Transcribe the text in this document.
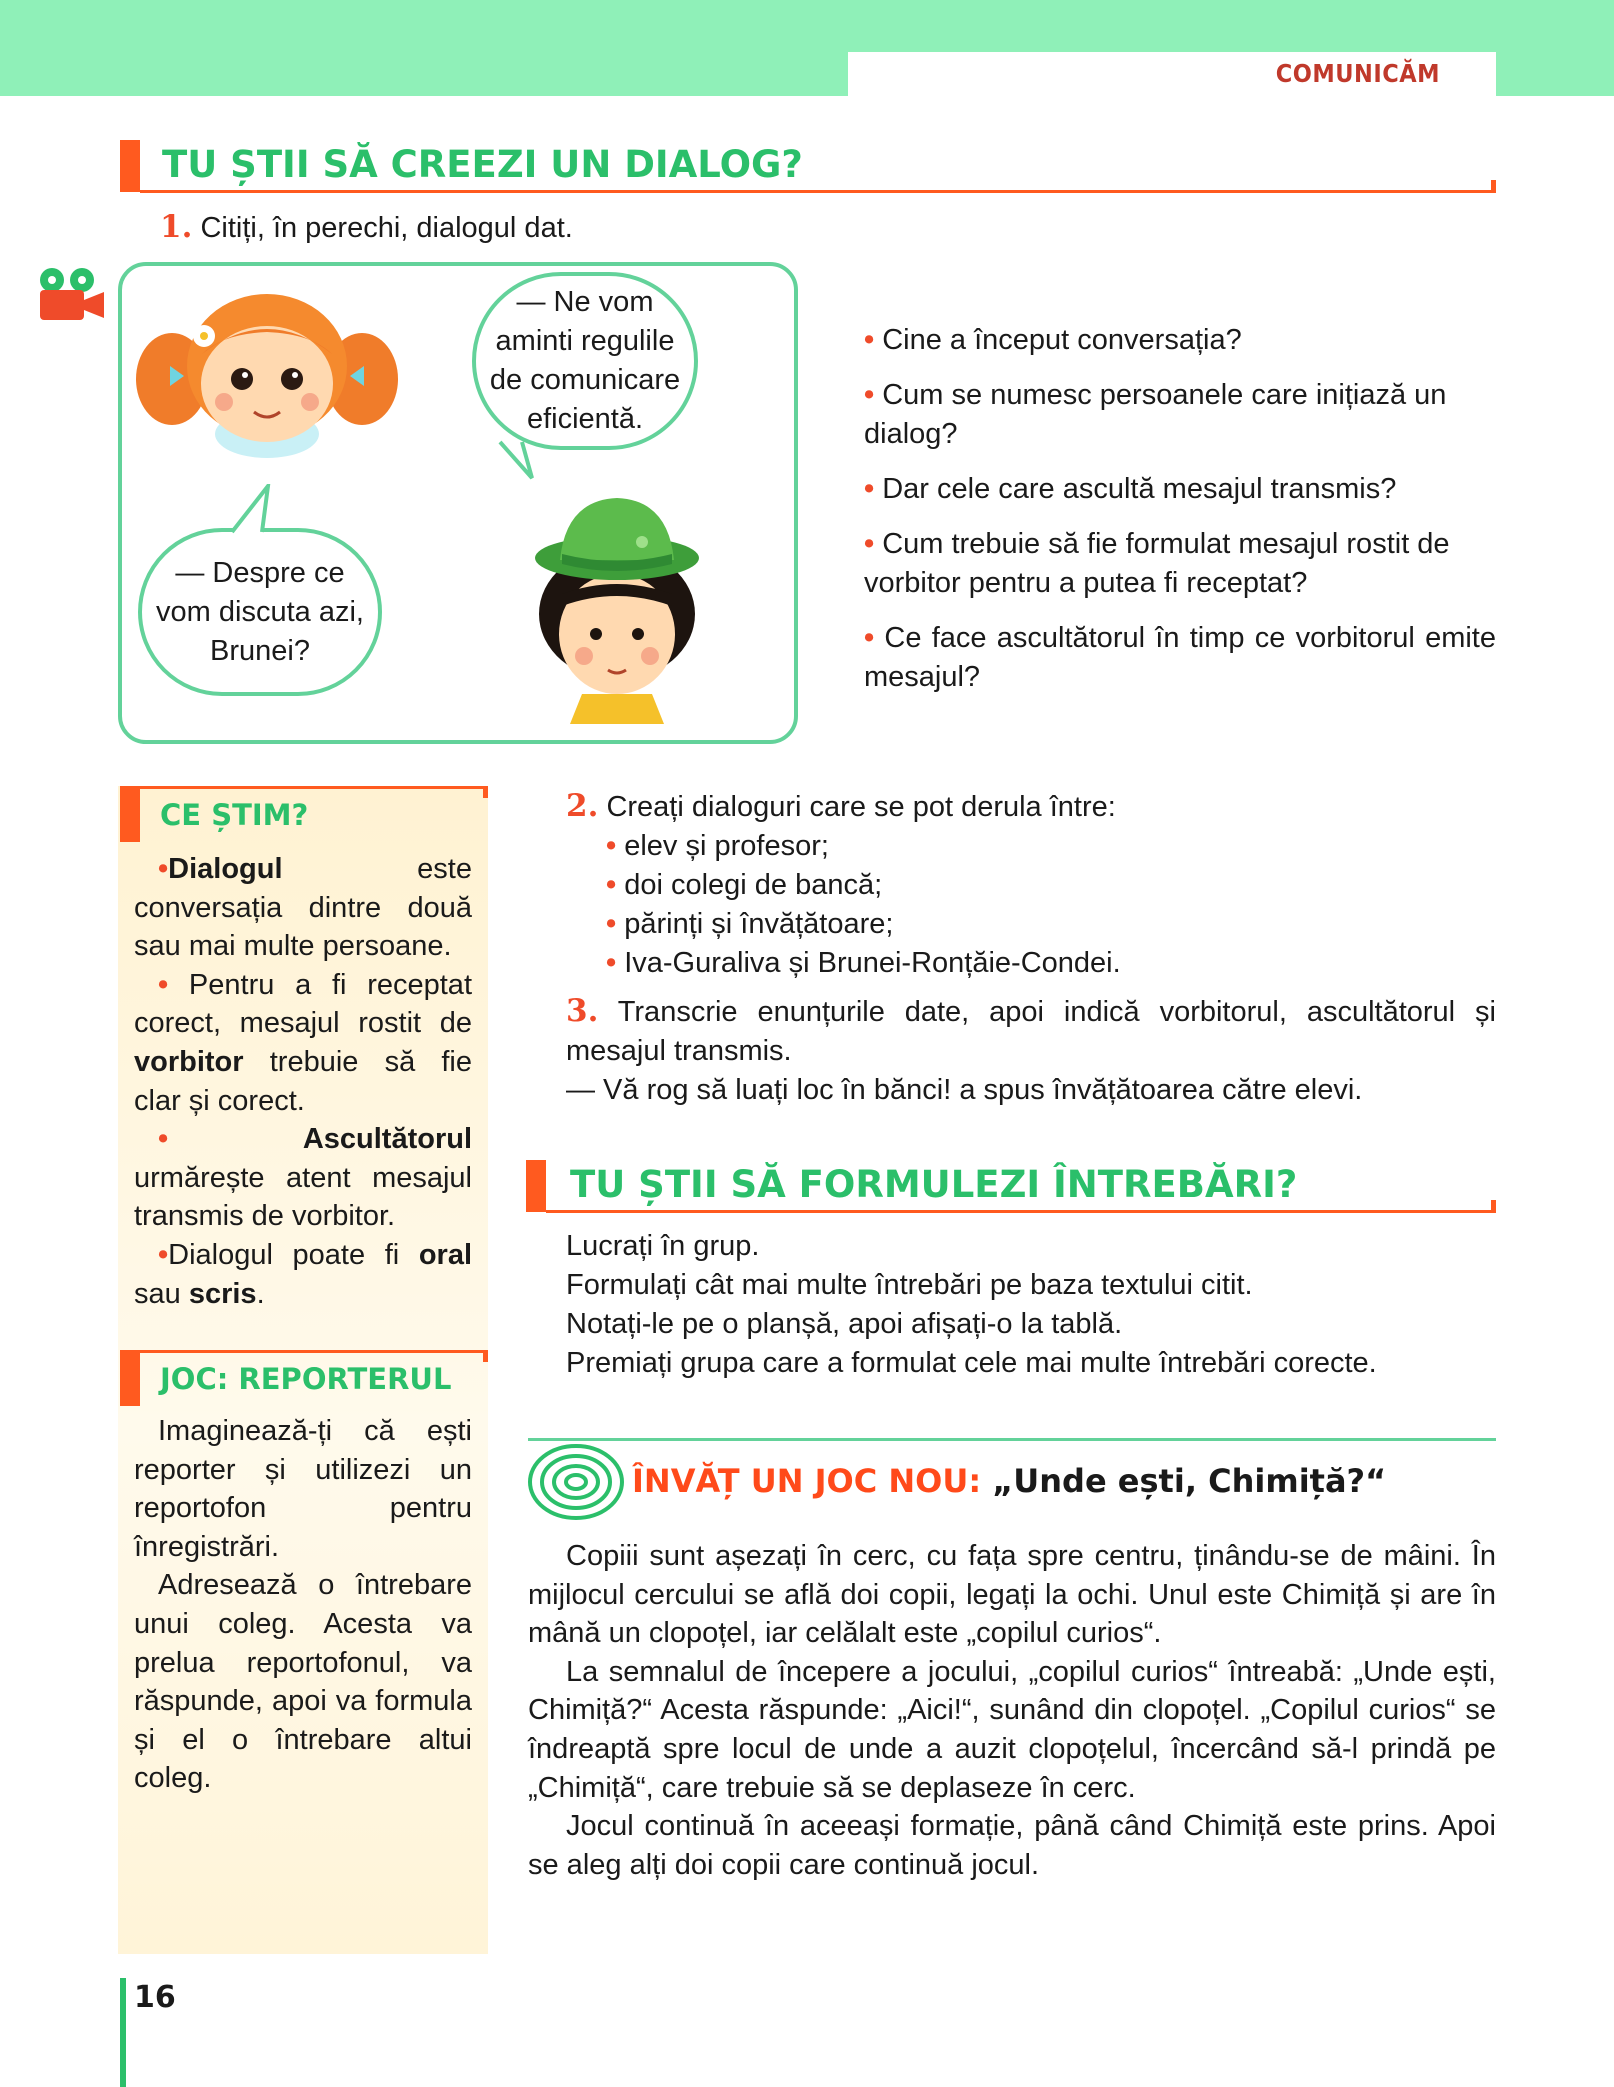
COMUNICĂM
TU ȘTII SĂ CREEZI UN DIALOG?
1. Citiți, în perechi, dialogul dat.
— Ne vom
aminti regulile
de comunicare
eficientă.
— Despre ce
vom discuta azi,
Brunei?

• Cine a început conversația?

• Cum se numesc persoanele care inițiază un dialog?

• Dar cele care ascultă mesajul transmis?

• Cum trebuie să fie formulat mesajul rostit de vorbitor pentru a putea fi receptat?

• Ce face ascultătorul în timp ce vorbitorul emite mesajul?

CE ȘTIM?

•Dialogul este conversația dintre două sau mai multe persoane.

• Pentru a fi receptat corect, mesajul rostit de vorbitor trebuie să fie clar și corect.

•	Ascultătorul urmărește atent mesajul transmis de vorbitor.

•Dialogul poate fi oral sau scris.

JOC: REPORTERUL

Imaginează-ți că ești reporter și utilizezi un reportofon pentru înregistrări.

Adresează o întrebare unui coleg. Acesta va prelua reportofonul, va răspunde, apoi va formula și el o întrebare altui coleg.

2. Creați dialoguri care se pot derula între:
• elev și profesor;
• doi colegi de bancă;
• părinți și învățătoare;
• Iva-Guraliva și Brunei-Ronțăie-Condei.
3. Transcrie enunțurile date, apoi indică vorbitorul, ascultătorul și mesajul transmis.
— Vă rog să luați loc în bănci! a spus învățătoarea către elevi.
TU ȘTII SĂ FORMULEZI ÎNTREBĂRI?
Lucrați în grup.
Formulați cât mai multe întrebări pe baza textului citit.
Notați-le pe o planșă, apoi afișați-o la tablă.
Premiați grupa care a formulat cele mai multe întrebări corecte.
ÎNVĂȚ UN JOC NOU: „Unde ești, Chimiță?“

Copiii sunt așezați în cerc, cu fața spre centru, ținându-se de mâini. În mijlocul cercului se află doi copii, legați la ochi. Unul este Chimiță și are în mână un clopoțel, iar celălalt este „copilul curios“.

La semnalul de începere a jocului, „copilul curios“ întreabă: „Unde ești, Chimiță?“ Acesta răspunde: „Aici!“, sunând din clopoțel. „Copilul curios“ se îndreaptă spre locul de unde a auzit clopoțelul, încercând să-l prindă pe „Chimiță“, care trebuie să se deplaseze în cerc.

Jocul continuă în aceeași formație, până când Chimiță este prins. Apoi se aleg alți doi copii care continuă jocul.

16
